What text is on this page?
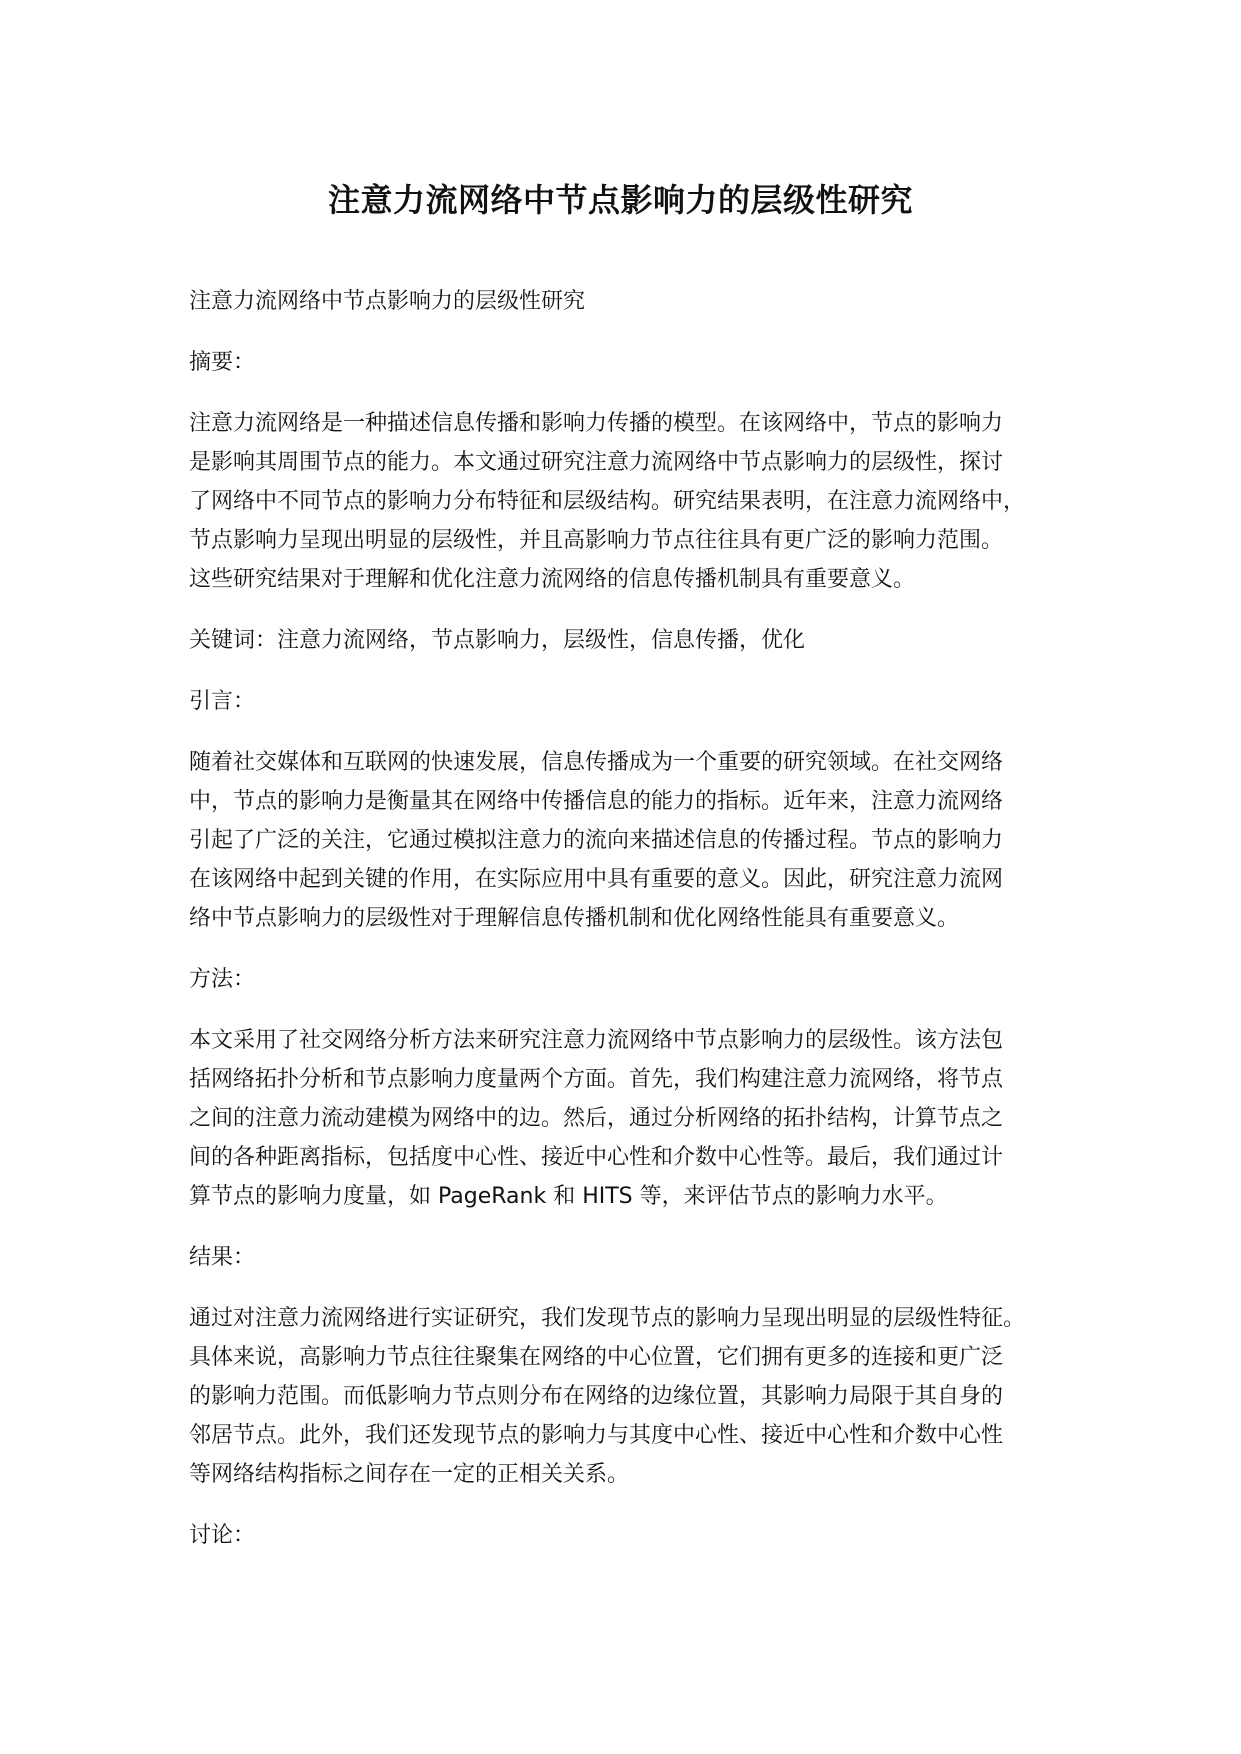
注意力流网络中节点影响力的层级性研究

注意力流网络中节点影响力的层级性研究

摘要：

注意力流网络是一种描述信息传播和影响力传播的模型。在该网络中，节点的影响力
是影响其周围节点的能力。本文通过研究注意力流网络中节点影响力的层级性，探讨
了网络中不同节点的影响力分布特征和层级结构。研究结果表明，在注意力流网络中，
节点影响力呈现出明显的层级性，并且高影响力节点往往具有更广泛的影响力范围。
这些研究结果对于理解和优化注意力流网络的信息传播机制具有重要意义。

关键词：注意力流网络，节点影响力，层级性，信息传播，优化

引言：

随着社交媒体和互联网的快速发展，信息传播成为一个重要的研究领域。在社交网络
中，节点的影响力是衡量其在网络中传播信息的能力的指标。近年来，注意力流网络
引起了广泛的关注，它通过模拟注意力的流向来描述信息的传播过程。节点的影响力
在该网络中起到关键的作用，在实际应用中具有重要的意义。因此，研究注意力流网
络中节点影响力的层级性对于理解信息传播机制和优化网络性能具有重要意义。

方法：

本文采用了社交网络分析方法来研究注意力流网络中节点影响力的层级性。该方法包
括网络拓扑分析和节点影响力度量两个方面。首先，我们构建注意力流网络，将节点
之间的注意力流动建模为网络中的边。然后，通过分析网络的拓扑结构，计算节点之
间的各种距离指标，包括度中心性、接近中心性和介数中心性等。最后，我们通过计
算节点的影响力度量，如 PageRank 和 HITS 等，来评估节点的影响力水平。

结果：

通过对注意力流网络进行实证研究，我们发现节点的影响力呈现出明显的层级性特征。
具体来说，高影响力节点往往聚集在网络的中心位置，它们拥有更多的连接和更广泛
的影响力范围。而低影响力节点则分布在网络的边缘位置，其影响力局限于其自身的
邻居节点。此外，我们还发现节点的影响力与其度中心性、接近中心性和介数中心性
等网络结构指标之间存在一定的正相关关系。

讨论：
